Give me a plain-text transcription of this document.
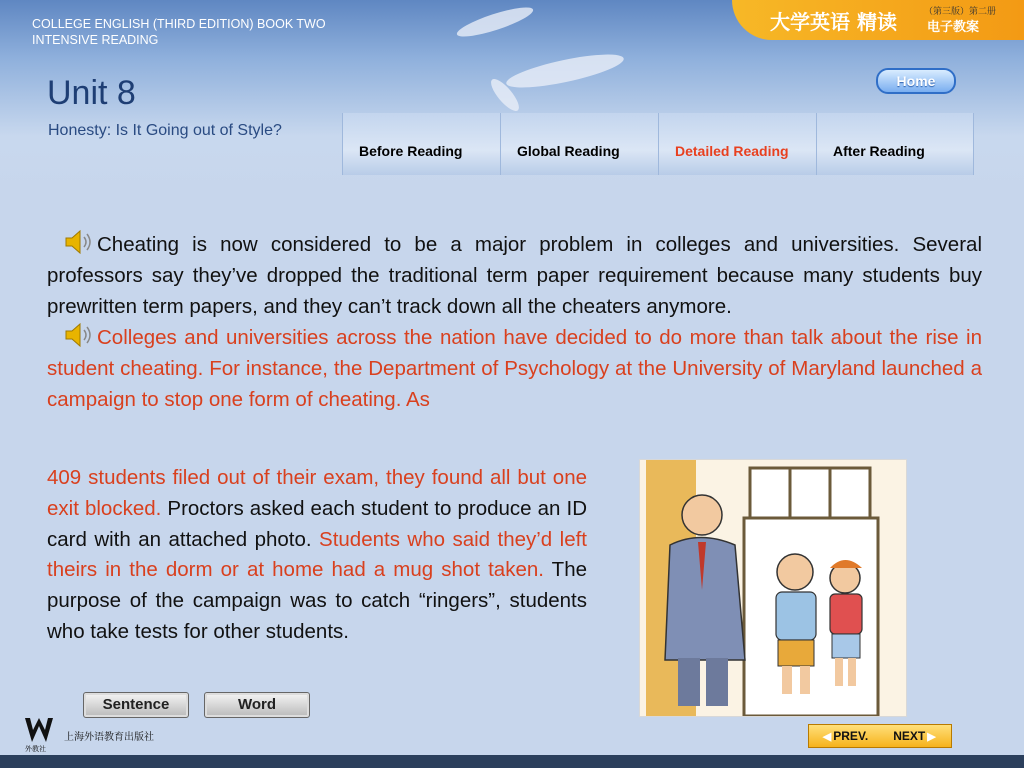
COLLEGE ENGLISH (THIRD EDITION) BOOK TWO
INTENSIVE READING
Unit 8
Honesty: Is It Going out of Style?
大学英语 精读	（第三版）第二册
电子教案
Home
Before Reading	Global Reading	Detailed Reading	After Reading
Cheating is now considered to be a major problem in colleges and universities. Several professors say they’ve dropped the traditional term paper requirement because many students buy prewritten term papers, and they can’t track down all the cheaters anymore.
Colleges and universities across the nation have decided to do more than talk about the rise in student cheating. For instance, the Department of Psychology at the University of Maryland launched a campaign to stop one form of cheating. As
409 students filed out of their exam, they found all but one exit blocked. Proctors asked each student to produce an ID card with an attached photo. Students who said they’d left theirs in the dorm or at home had a mug shot taken. The purpose of the campaign was to catch “ringers”, students who take tests for other students.
Sentence	Word
外教社
上海外语教育出版社	◀ PREV. NEXT ▶
